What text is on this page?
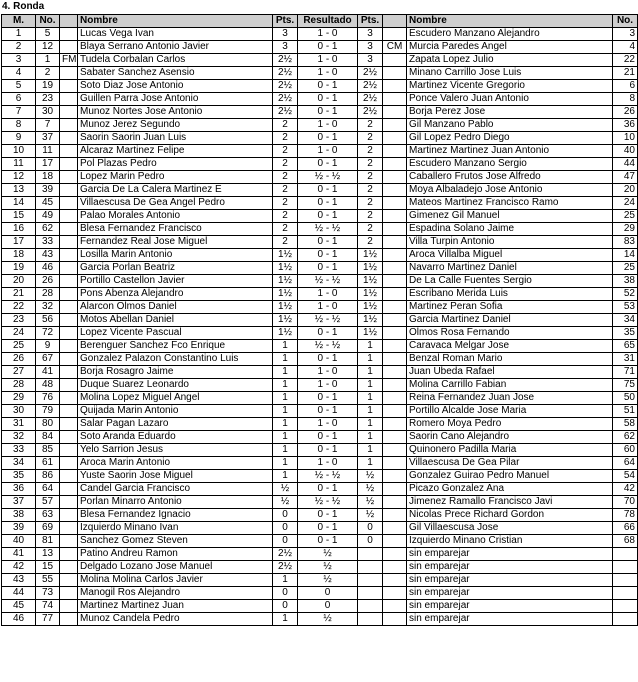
4. Ronda
M.	No.		Nombre	Pts.	Resultado	Pts.		Nombre	No.
1	5		Lucas Vega Ivan	3	1 - 0	3		Escudero Manzano Alejandro	3
2	12		Blaya Serrano Antonio Javier	3	0 - 1	3	CM	Murcia Paredes Angel	4
3	1	FM	Tudela Corbalan Carlos	2½	1 - 0	3		Zapata Lopez Julio	22
4	2		Sabater Sanchez Asensio	2½	1 - 0	2½		Minano Carrillo Jose Luis	21
5	19		Soto Diaz Jose Antonio	2½	0 - 1	2½		Martinez Vicente Gregorio	6
6	23		Guillen Parra Jose Antonio	2½	0 - 1	2½		Ponce Valero Juan Antonio	8
7	30		Munoz Nortes Jose Antonio	2½	0 - 1	2½		Borja Perez Jose	26
8	7		Munoz Jerez Segundo	2	1 - 0	2		Gil Manzano Pablo	36
9	37		Saorin Saorin Juan Luis	2	0 - 1	2		Gil Lopez Pedro Diego	10
10	11		Alcaraz Martinez Felipe	2	1 - 0	2		Martinez Martinez Juan Antonio	40
11	17		Pol Plazas Pedro	2	0 - 1	2		Escudero Manzano Sergio	44
12	18		Lopez Marin Pedro	2	½ - ½	2		Caballero Frutos Jose Alfredo	47
13	39		Garcia De La Calera Martinez E	2	0 - 1	2		Moya Albaladejo Jose Antonio	20
14	45		Villaescusa De Gea Angel Pedro	2	0 - 1	2		Mateos Martinez Francisco Ramo	24
15	49		Palao Morales Antonio	2	0 - 1	2		Gimenez Gil Manuel	25
16	62		Blesa Fernandez Francisco	2	½ - ½	2		Espadina Solano Jaime	29
17	33		Fernandez Real Jose Miguel	2	0 - 1	2		Villa Turpin Antonio	83
18	43		Losilla Marin Antonio	1½	0 - 1	1½		Aroca Villalba Miguel	14
19	46		Garcia Porlan Beatriz	1½	0 - 1	1½		Navarro Martinez Daniel	25
20	26		Portillo Castellon Javier	1½	½ - ½	1½		De La Calle Fuentes Sergio	38
21	28		Pons Abenza Alejandro	1½	1 - 0	1½		Escribano Merida Luis	52
22	32		Alarcon Olmos Daniel	1½	1 - 0	1½		Martinez Peran Sofia	53
23	56		Motos Abellan Daniel	1½	½ - ½	1½		Garcia Martinez Daniel	34
24	72		Lopez Vicente Pascual	1½	0 - 1	1½		Olmos Rosa Fernando	35
25	9		Berenguer Sanchez Fco Enrique	1	½ - ½	1		Caravaca Melgar Jose	65
26	67		Gonzalez Palazon Constantino Luis	1	0 - 1	1		Benzal Roman Mario	31
27	41		Borja Rosagro Jaime	1	1 - 0	1		Juan Ubeda Rafael	71
28	48		Duque Suarez Leonardo	1	1 - 0	1		Molina Carrillo Fabian	75
29	76		Molina Lopez Miguel Angel	1	0 - 1	1		Reina Fernandez Juan Jose	50
30	79		Quijada Marin Antonio	1	0 - 1	1		Portillo Alcalde Jose Maria	51
31	80		Salar Pagan Lazaro	1	1 - 0	1		Romero Moya Pedro	58
32	84		Soto Aranda Eduardo	1	0 - 1	1		Saorin Cano Alejandro	62
33	85		Yelo Sarrion Jesus	1	0 - 1	1		Quinonero Padilla Maria	60
34	61		Aroca Marin Antonio	1	1 - 0	1		Villaescusa De Gea Pilar	64
35	86		Yuste Saorin Jose Miguel	1	½ - ½	½		Gonzalez Guirao Pedro Manuel	54
36	64		Candel Garcia Francisco	½	0 - 1	½		Picazo Gonzalez Ana	42
37	57		Porlan Minarro Antonio	½	½ - ½	½		Jimenez Ramallo Francisco Javi	70
38	63		Blesa Fernandez Ignacio	0	0 - 1	½		Nicolas Prece Richard Gordon	78
39	69		Izquierdo Minano Ivan	0	0 - 1	0		Gil Villaescusa Jose	66
40	81		Sanchez Gomez Steven	0	0 - 1	0		Izquierdo Minano Cristian	68
41	13		Patino Andreu Ramon	2½	½			sin emparejar	
42	15		Delgado Lozano Jose Manuel	2½	½			sin emparejar	
43	55		Molina Molina Carlos Javier	1	½			sin emparejar	
44	73		Manogil Ros Alejandro	0	0			sin emparejar	
45	74		Martinez Martinez Juan	0	0			sin emparejar	
46	77		Munoz Candela Pedro	1	½			sin emparejar	
